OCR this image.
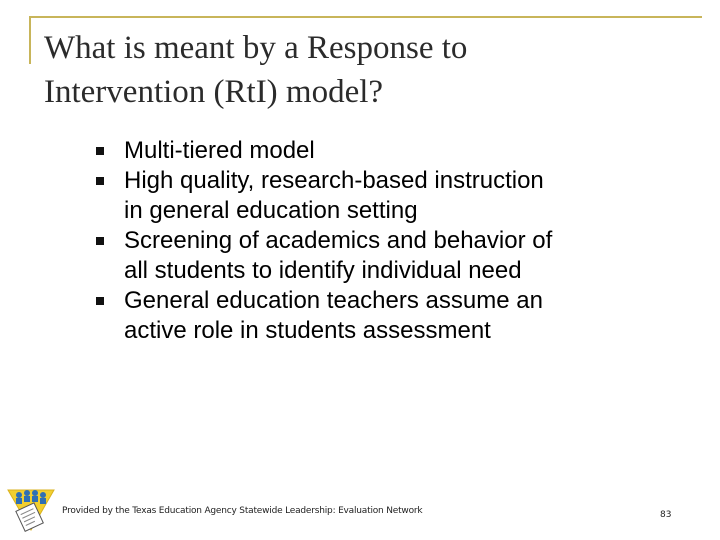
What is meant by a Response to
Intervention (RtI) model?
Multi-tiered model
High quality, research-based instruction
in general education setting
Screening of academics and behavior of
all students to identify individual need
General education teachers assume an
active role in students assessment
Provided by the Texas Education Agency Statewide Leadership: Evaluation Network	83
